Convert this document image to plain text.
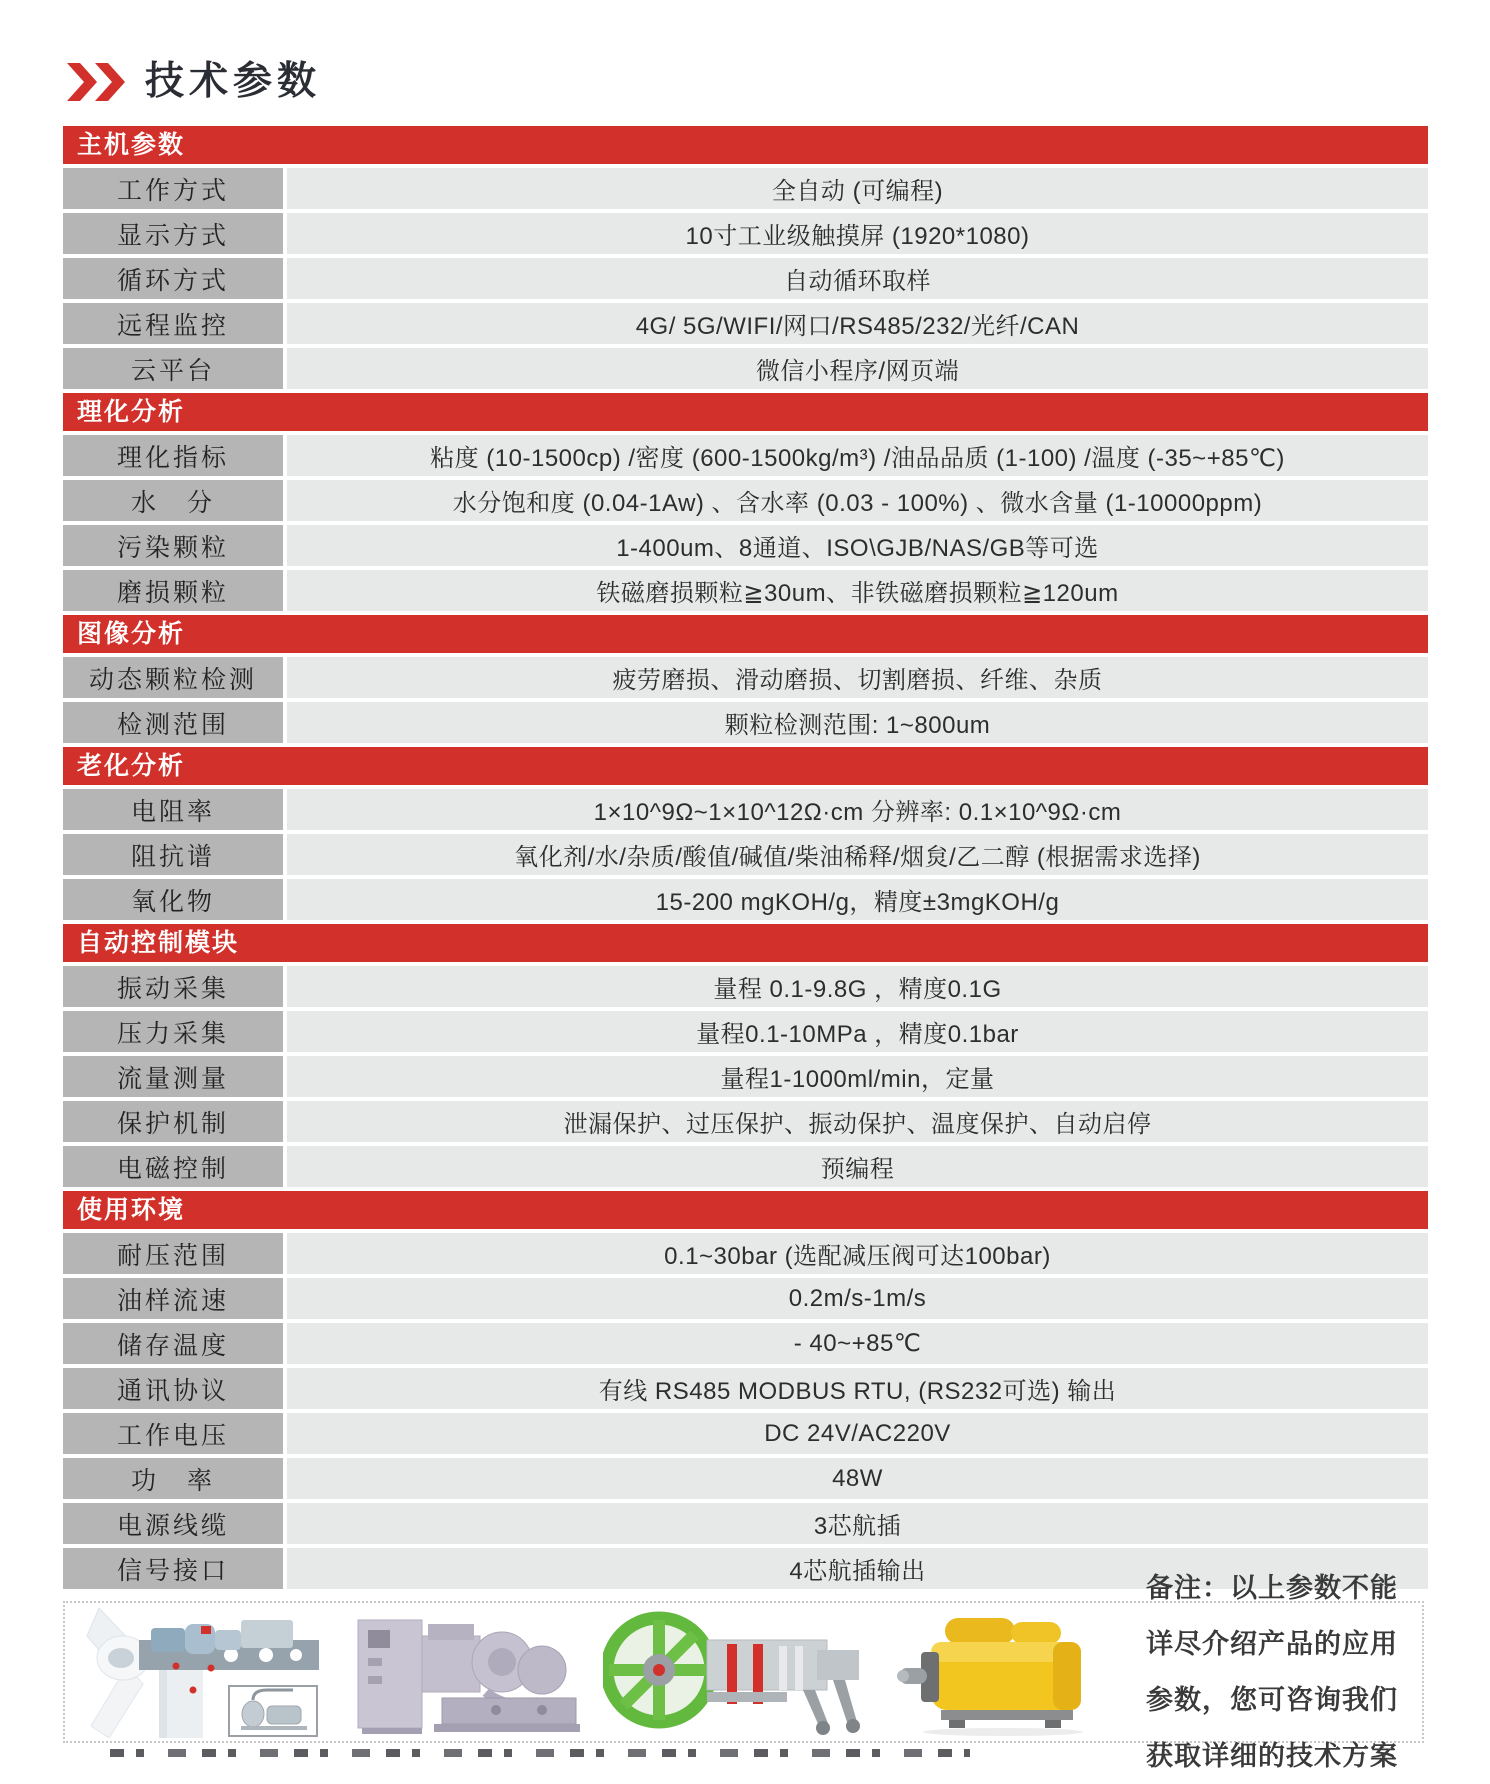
技术参数
主机参数
工作方式	全自动 (可编程)
显示方式	10寸工业级触摸屏 (1920*1080)
循环方式	自动循环取样
远程监控	4G/ 5G/WIFI/网口/RS485/232/光纤/CAN
云平台	微信小程序/网页端
理化分析
理化指标	粘度 (10-1500cp) /密度 (600-1500kg/m³) /油品品质 (1-100) /温度 (-35~+85℃)
水　分	水分饱和度 (0.04-1Aw) 、含水率 (0.03 - 100%) 、微水含量 (1-10000ppm)
污染颗粒	1-400um、8通道、ISO\GJB/NAS/GB等可选
磨损颗粒	铁磁磨损颗粒≧30um、非铁磁磨损颗粒≧120um
图像分析
动态颗粒检测	疲劳磨损、滑动磨损、切割磨损、纤维、杂质
检测范围	颗粒检测范围: 1~800um
老化分析
电阻率	1×10^9Ω~1×10^12Ω·cm 分辨率: 0.1×10^9Ω·cm
阻抗谱	氧化剂/水/杂质/酸值/碱值/柴油稀释/烟炱/乙二醇 (根据需求选择)
氧化物	15-200 mgKOH/g，精度±3mgKOH/g
自动控制模块
振动采集	量程 0.1-9.8G ，精度0.1G
压力采集	量程0.1-10MPa ，精度0.1bar
流量测量	量程1-1000ml/min，定量
保护机制	泄漏保护、过压保护、振动保护、温度保护、自动启停
电磁控制	预编程
使用环境
耐压范围	0.1~30bar (选配减压阀可达100bar)
油样流速	0.2m/s-1m/s
储存温度	- 40~+85℃
通讯协议	有线 RS485 MODBUS RTU, (RS232可选) 输出
工作电压	DC 24V/AC220V
功　率	48W
电源线缆	3芯航插
信号接口	4芯航插输出
备注：以上参数不能详尽介绍产品的应用参数，您可咨询我们获取详细的技术方案
